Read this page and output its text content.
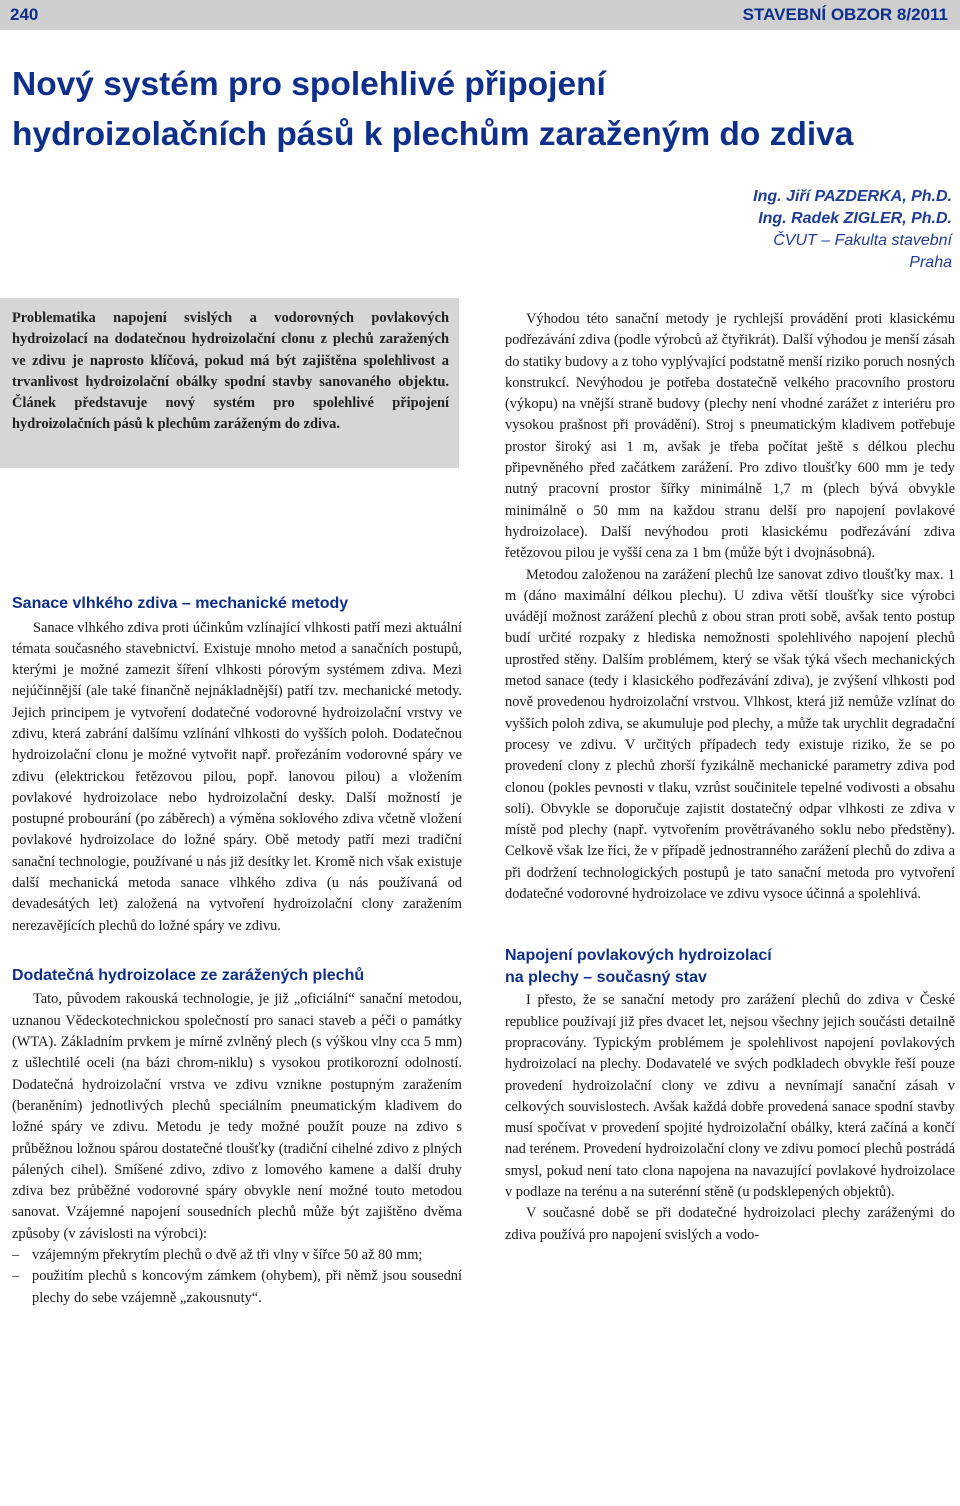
240	STAVEBNÍ OBZOR 8/2011
Nový systém pro spolehlivé připojení
hydroizolačních pásů k plechům zaraženým do zdiva
Ing. Jiří PAZDERKA, Ph.D.
Ing. Radek ZIGLER, Ph.D.
ČVUT – Fakulta stavební
Praha

Problematika napojení svislých a vodorovných povlakových hydroizolací na dodatečnou hydroizolační clonu z plechů zaražených ve zdivu je naprosto klíčová, pokud má být zajištěna spolehlivost a trvanlivost hydroizolační obálky spodní stavby sanovaného objektu. Článek představuje nový systém pro spolehlivé připojení hydroizolačních pásů k plechům zaráženým do zdiva.

Sanace vlhkého zdiva – mechanické metody

Sanace vlhkého zdiva proti účinkům vzlínající vlhkosti patří mezi aktuální témata současného stavebnictví. Existuje mnoho metod a sanačních postupů, kterými je možné zamezit šíření vlhkosti pórovým systémem zdiva. Mezi nejúčinnější (ale také finančně nejnákladnější) patří tzv. mechanické metody. Jejich principem je vytvoření dodatečné vodorovné hydroizolační vrstvy ve zdivu, která zabrání dalšímu vzlínání vlhkosti do vyšších poloh. Dodatečnou hydroizolační clonu je možné vytvořit např. prořezáním vodorovné spáry ve zdivu (elektrickou řetězovou pilou, popř. lanovou pilou) a vložením povlakové hydroizolace nebo hydroizolační desky. Další možností je postupné probourání (po záběrech) a výměna soklového zdiva včetně vložení povlakové hydroizolace do ložné spáry. Obě metody patří mezi tradiční sanační technologie, používané u nás již desítky let. Kromě nich však existuje další mechanická metoda sanace vlhkého zdiva (u nás používaná od devadesátých let) založená na vytvoření hydroizolační clony zaražením nerezavějících plechů do ložné spáry ve zdivu.

Dodatečná hydroizolace ze zarážených plechů

Tato, původem rakouská technologie, je již „oficiální“ sanační metodou, uznanou Vědeckotechnickou společností pro sanaci staveb a péči o památky (WTA). Základním prvkem je mírně zvlněný plech (s výškou vlny cca 5 mm) z ušlechtilé oceli (na bázi chrom-niklu) s vysokou protikorozní odolností. Dodatečná hydroizolační vrstva ve zdivu vznikne postupným zaražením (beraněním) jednotlivých plechů speciálním pneumatickým kladivem do ložné spáry ve zdivu. Metodu je tedy možné použít pouze na zdivo s průběžnou ložnou spárou dostatečné tloušťky (tradiční cihelné zdivo z plných pálených cihel). Smíšené zdivo, zdivo z lomového kamene a další druhy zdiva bez průběžné vodorovné spáry obvykle není možné touto metodou sanovat. Vzájemné napojení sousedních plechů může být zajištěno dvěma způsoby (v závislosti na výrobci):

– vzájemným překrytím plechů o dvě až tři vlny v šířce 50 až 80 mm;
– použitím plechů s koncovým zámkem (ohybem), při němž jsou sousední plechy do sebe vzájemně „zakousnuty“.

Výhodou této sanační metody je rychlejší provádění proti klasickému podřezávání zdiva (podle výrobců až čtyřikrát). Další výhodou je menší zásah do statiky budovy a z toho vyplývající podstatně menší riziko poruch nosných konstrukcí. Nevýhodou je potřeba dostatečně velkého pracovního prostoru (výkopu) na vnější straně budovy (plechy není vhodné zarážet z interiéru pro vysokou prašnost při provádění). Stroj s pneumatickým kladivem potřebuje prostor široký asi 1 m, avšak je třeba počítat ještě s délkou plechu připevněného před začátkem zarážení. Pro zdivo tloušťky 600 mm je tedy nutný pracovní prostor šířky minimálně 1,7 m (plech bývá obvykle minimálně o 50 mm na každou stranu delší pro napojení povlakové hydroizolace). Další nevýhodou proti klasickému podřezávání zdiva řetězovou pilou je vyšší cena za 1 bm (může být i dvojnásobná).

Metodou založenou na zarážení plechů lze sanovat zdivo tloušťky max. 1 m (dáno maximální délkou plechu). U zdiva větší tloušťky sice výrobci uvádějí možnost zarážení plechů z obou stran proti sobě, avšak tento postup budí určité rozpaky z hlediska nemožnosti spolehlivého napojení plechů uprostřed stěny. Dalším problémem, který se však týká všech mechanických metod sanace (tedy i klasického podřezávání zdiva), je zvýšení vlhkosti pod nově provedenou hydroizolační vrstvou. Vlhkost, která již nemůže vzlínat do vyšších poloh zdiva, se akumuluje pod plechy, a může tak urychlit degradační procesy ve zdivu. V určitých případech tedy existuje riziko, že se po provedení clony z plechů zhorší fyzikálně mechanické parametry zdiva pod clonou (pokles pevnosti v tlaku, vzrůst součinitele tepelné vodivosti a obsahu solí). Obvykle se doporučuje zajistit dostatečný odpar vlhkosti ze zdiva v místě pod plechy (např. vytvořením provětrávaného soklu nebo předstěny). Celkově však lze říci, že v případě jednostranného zarážení plechů do zdiva a při dodržení technologických postupů je tato sanační metoda pro vytvoření dodatečné vodorovné hydroizolace ve zdivu vysoce účinná a spolehlivá.

Napojení povlakových hydroizolací
na plechy – současný stav

I přesto, že se sanační metody pro zarážení plechů do zdiva v České republice používají již přes dvacet let, nejsou všechny jejich součásti detailně propracovány. Typickým problémem je spolehlivost napojení povlakových hydroizolací na plechy. Dodavatelé ve svých podkladech obvykle řeší pouze provedení hydroizolační clony ve zdivu a nevnímají sanační zásah v celkových souvislostech. Avšak každá dobře provedená sanace spodní stavby musí spočívat v provedení spojité hydroizolační obálky, která začíná a končí nad terénem. Provedení hydroizolační clony ve zdivu pomocí plechů postrádá smysl, pokud není tato clona napojena na navazující povlakové hydroizolace v podlaze na terénu a na suterénní stěně (u podsklepených objektů).

V současné době se při dodatečné hydroizolaci plechy zaráženými do zdiva používá pro napojení svislých a vodo-
